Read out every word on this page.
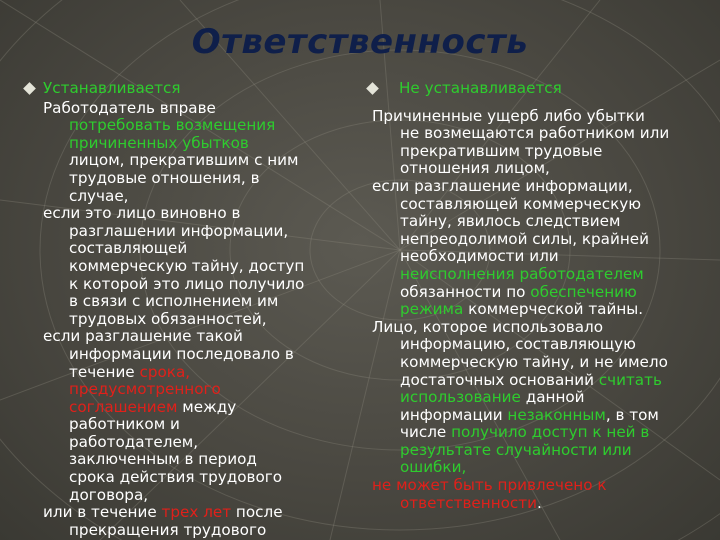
Ответственность
Устанавливается
Работодатель вправе
потребовать возмещения
причиненных убытков
лицом, прекратившим с ним
трудовые отношения, в
случае,
если это лицо виновно в
разглашении информации,
составляющей
коммерческую тайну, доступ
к которой это лицо получило
в связи с исполнением им
трудовых обязанностей,
если разглашение такой
информации последовало в
течение срока,
предусмотренного
соглашением между
работником и
работодателем,
заключенным в период
срока действия трудового
договора,
или в течение трех лет после
прекращения трудового
Не устанавливается
Причиненные ущерб либо убытки
не возмещаются работником или
прекратившим трудовые
отношения лицом,
если разглашение информации,
составляющей коммерческую
тайну, явилось следствием
непреодолимой силы, крайней
необходимости или
неисполнения работодателем
обязанности по обеспечению
режима коммерческой тайны.
Лицо, которое использовало
информацию, составляющую
коммерческую тайну, и не имело
достаточных оснований считать
использование данной
информации незаконным, в том
числе получило доступ к ней в
результате случайности или
ошибки,
не может быть привлечено к
ответственности.
